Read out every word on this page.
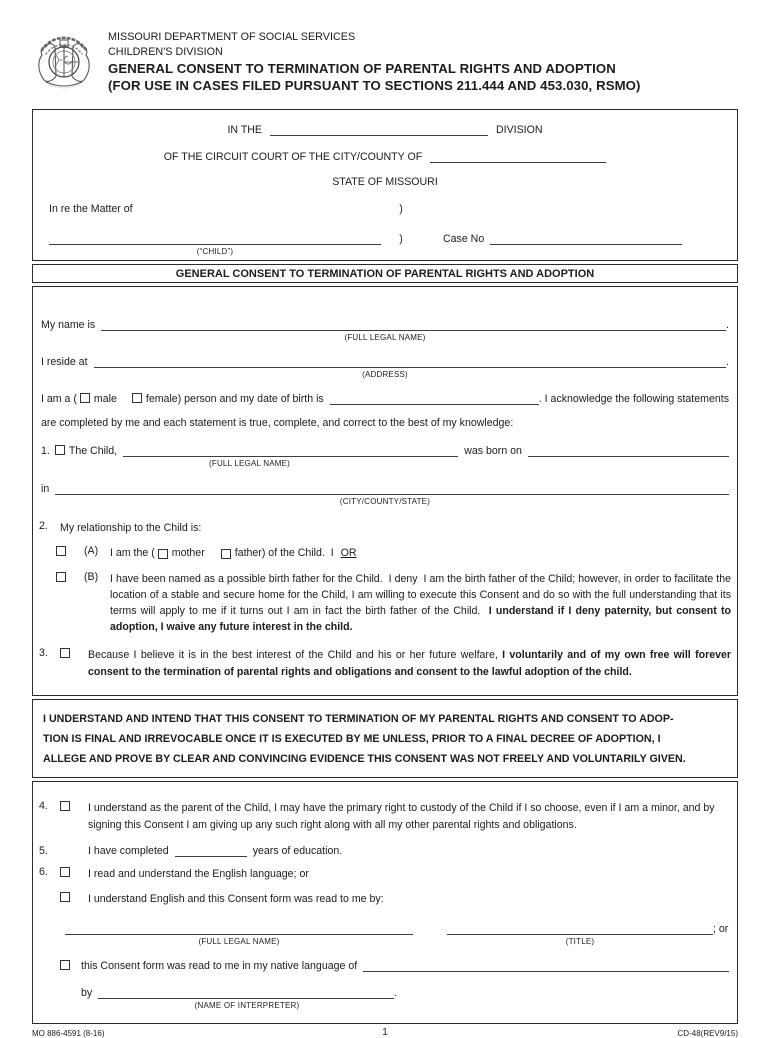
MISSOURI DEPARTMENT OF SOCIAL SERVICES
CHILDREN'S DIVISION
GENERAL CONSENT TO TERMINATION OF PARENTAL RIGHTS AND ADOPTION
(FOR USE IN CASES FILED PURSUANT TO SECTIONS 211.444 AND 453.030, RSMO)
IN THE	DIVISION
OF THE CIRCUIT COURT OF THE CITY/COUNTY OF
STATE OF MISSOURI
In re the Matter of	)
)	Case No
(“CHILD”)
GENERAL CONSENT TO TERMINATION OF PARENTAL RIGHTS AND ADOPTION
My name is	.
(FULL LEGAL NAME)
I reside at	.
(ADDRESS)
I am a ( male	female ) person and my date of birth is	. I acknowledge the following statements
are completed by me and each statement is true, complete, and correct to the best of my knowledge:
1. The Child,	was born on
(FULL LEGAL NAME)
in
(CITY/COUNTY/STATE)
2.	My relationship to the Child is:
(A)	I am the ( mother	father ) of the Child.  I OR
(B)	I have been named as a possible birth father for the Child.  I deny  I am the birth father of the Child; however, in order to facilitate the location of a stable and secure home for the Child, I am willing to execute this Consent and do so with the full understanding that its terms will apply to me if it turns out I am in fact the birth father of the Child.  I understand if I deny paternity, but consent to adoption, I waive any future interest in the child.

3.	Because I believe it is in the best interest of the Child and his or her future welfare, I voluntarily and of my own free will forever consent to the termination of parental rights and obligations and consent to the lawful adoption of the child.

I UNDERSTAND AND INTEND THAT THIS CONSENT TO TERMINATION OF MY PARENTAL RIGHTS AND CONSENT TO ADOP-
TION IS FINAL AND IRREVOCABLE ONCE IT IS EXECUTED BY ME UNLESS, PRIOR TO A FINAL DECREE OF ADOPTION, I
ALLEGE AND PROVE BY CLEAR AND CONVINCING EVIDENCE THIS CONSENT WAS NOT FREELY AND VOLUNTARILY GIVEN.
4.	I understand as the parent of the Child, I may have the primary right to custody of the Child if I so choose, even if I am a minor, and by signing this Consent I am giving up any such right along with all my other parental rights and obligations.

5.	I have completed	years of education.
6.	I read and understand the English language; or
I understand English and this Consent form was read to me by:
; or
(FULL LEGAL NAME)	(TITLE)
this Consent form was read to me in my native language of
by	.
(NAME OF INTERPRETER)
MO 886-4591 (8-16)	1	CD-48(REV9/15)
